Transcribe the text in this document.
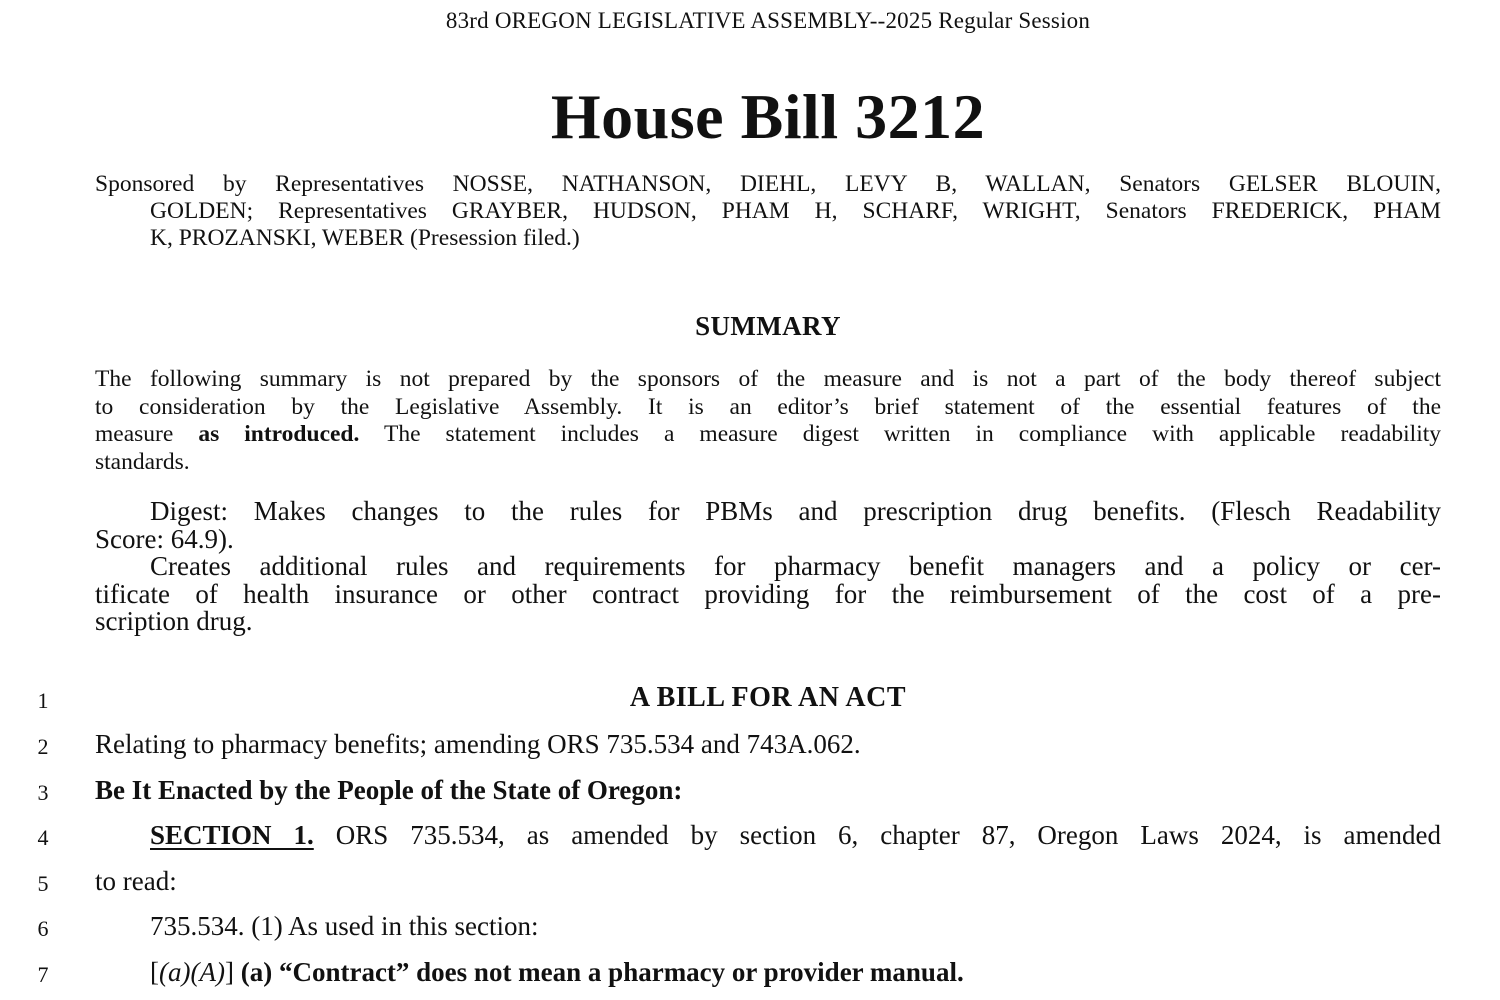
83rd OREGON LEGISLATIVE ASSEMBLY--2025 Regular Session
House Bill 3212
Sponsored by Representatives NOSSE, NATHANSON, DIEHL, LEVY B, WALLAN, Senators GELSER BLOUIN,
GOLDEN; Representatives GRAYBER, HUDSON, PHAM H, SCHARF, WRIGHT, Senators FREDERICK, PHAM
K, PROZANSKI, WEBER (Presession filed.)
SUMMARY
The following summary is not prepared by the sponsors of the measure and is not a part of the body thereof subject
to consideration by the Legislative Assembly. It is an editor’s brief statement of the essential features of the
measure as introduced. The statement includes a measure digest written in compliance with applicable readability
standards.
Digest: Makes changes to the rules for PBMs and prescription drug benefits. (Flesch Readability
Score: 64.9).
Creates additional rules and requirements for pharmacy benefit managers and a policy or cer-
tificate of health insurance or other contract providing for the reimbursement of the cost of a pre-
scription drug.
1
2
3
4
5
6
7
A BILL FOR AN ACT
Relating to pharmacy benefits; amending ORS 735.534 and 743A.062.
Be It Enacted by the People of the State of Oregon:
SECTION 1. ORS 735.534, as amended by section 6, chapter 87, Oregon Laws 2024, is amended
to read:
735.534. (1) As used in this section:
[(a)(A)] (a) “Contract” does not mean a pharmacy or provider manual.
